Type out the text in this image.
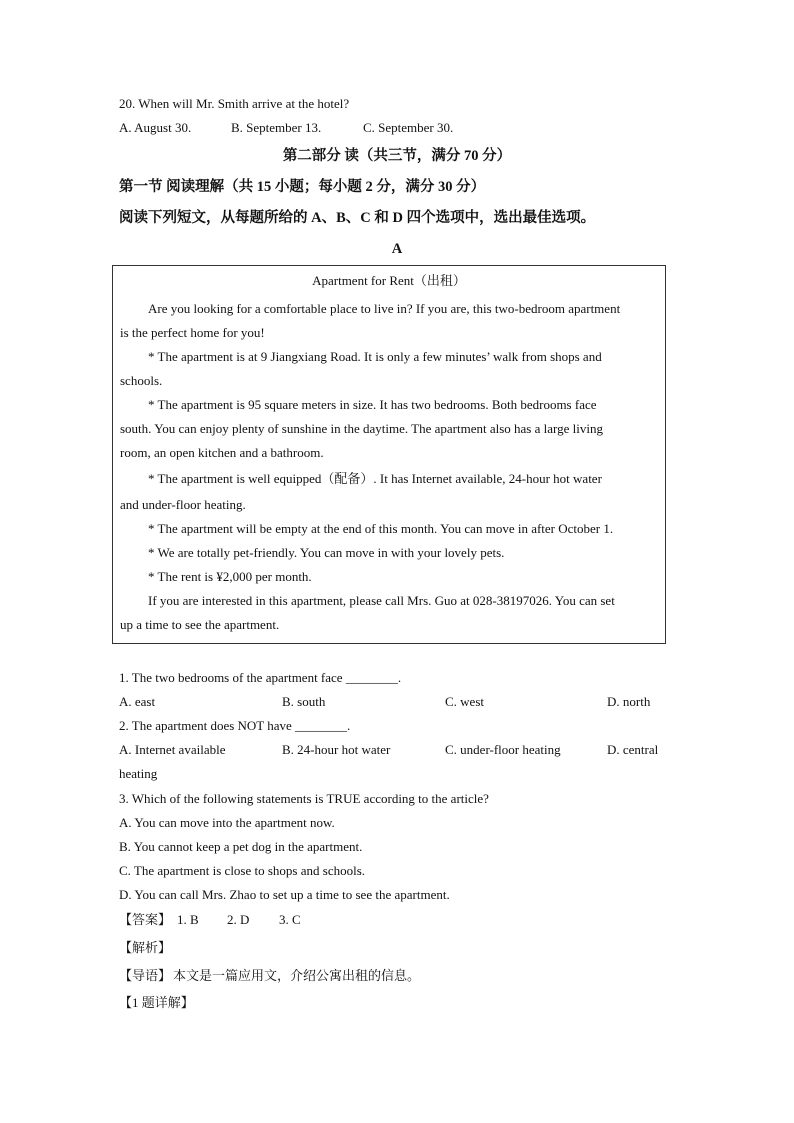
20. When will Mr. Smith arrive at the hotel?
A. August 30.	B. September 13.	C. September 30.
第二部分 读（共三节，满分 70 分）
第一节 阅读理解（共 15 小题；每小题 2 分，满分 30 分）
阅读下列短文，从每题所给的 A、B、C 和 D 四个选项中，选出最佳选项。
A
Apartment for Rent（出租）
Are you looking for a comfortable place to live in? If you are, this two-bedroom apartment
is the perfect home for you!
* The apartment is at 9 Jiangxiang Road. It is only a few minutes’ walk from shops and
schools.
* The apartment is 95 square meters in size. It has two bedrooms. Both bedrooms face
south. You can enjoy plenty of sunshine in the daytime. The apartment also has a large living
room, an open kitchen and a bathroom.
* The apartment is well equipped（配备）. It has Internet available, 24-hour hot water
and under-floor heating.
* The apartment will be empty at the end of this month. You can move in after October 1.
* We are totally pet-friendly. You can move in with your lovely pets.
* The rent is ¥2,000 per month.
If you are interested in this apartment, please call Mrs. Guo at 028-38197026. You can set
up a time to see the apartment.
1. The two bedrooms of the apartment face ________.
A. east	B. south	C. west	D. north
2. The apartment does NOT have ________.
A. Internet available	B. 24-hour hot water	C. under-floor heating	D. central
heating
3. Which of the following statements is TRUE according to the article?
A. You can move into the apartment now.
B. You cannot keep a pet dog in the apartment.
C. The apartment is close to shops and schools.
D. You can call Mrs. Zhao to set up a time to see the apartment.
【答案】 1. B 2. D 3. C
【解析】
【导语】 本文是一篇应用文，介绍公寓出租的信息。
【1 题详解】
